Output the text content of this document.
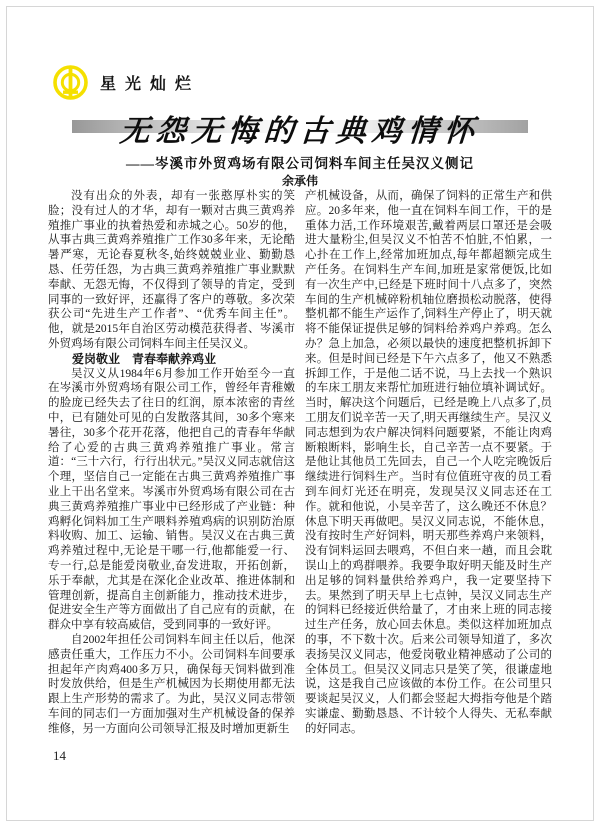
星光灿烂
无怨无悔的古典鸡情怀
——岑溪市外贸鸡场有限公司饲料车间主任吴汉义侧记
余承伟

没有出众的外表，却有一张憨厚朴实的笑脸；没有过人的才华，却有一颗对古典三黄鸡养殖推广事业的执着热爱和赤城之心。50岁的他，从事古典三黄鸡养殖推广工作30多年来，无论酷暑严寒，无论春夏秋冬,始终兢兢业业、勤勤恳恳、任劳任怨，为古典三黄鸡养殖推广事业默默奉献、无怨无悔，不仅得到了领导的肯定，受到同事的一致好评，还赢得了客户的尊敬。多次荣获公司“先进生产工作者”、“优秀车间主任”。他，就是2015年自治区劳动模范获得者、岑溪市外贸鸡场有限公司饲料车间主任吴汉义。

爱岗敬业　青春奉献养鸡业

吴汉义从1984年6月参加工作开始至今一直在岑溪市外贸鸡场有限公司工作，曾经年青稚嫩的脸庞已经失去了往日的红润，原本浓密的青丝中，已有随处可见的白发散落其间，30多个寒来暑往，30多个花开花落，他把自己的青春年华献给了心爱的古典三黄鸡养殖推广事业。常言道：“三十六行，行行出状元。”吴汉义同志就信这个理，坚信自己一定能在古典三黄鸡养殖推广事业上干出名堂来。岑溪市外贸鸡场有限公司在古典三黄鸡养殖推广事业中已经形成了产业链：种鸡孵化饲料加工生产喂料养殖鸡病的识别防治原料收购、加工、运输、销售。吴汉义在古典三黄鸡养殖过程中,无论是干哪一行,他都能爱一行、专一行,总是能爱岗敬业,奋发进取，开拓创新，乐于奉献，尤其是在深化企业改革、推进体制和管理创新，提高自主创新能力，推动技术进步，促进安全生产等方面做出了自己应有的贡献，在群众中享有较高威信，受到同事的一致好评。

自2002年担任公司饲料车间主任以后，他深感责任重大，工作压力不小。公司饲料车间要承担起年产肉鸡400多万只，确保每天饲料做到准时发放供给，但是生产机械因为长期使用都无法跟上生产形势的需求了。为此，吴汉义同志带领车间的同志们一方面加强对生产机械设备的保养维修，另一方面向公司领导汇报及时增加更新生

产机械设备，从而，确保了饲料的正常生产和供应。20多年来，他一直在饲料车间工作，干的是重体力活,工作环境艰苦,戴着两层口罩还是会吸进大量粉尘,但吴汉义不怕苦不怕脏,不怕累，一心扑在工作上,经常加班加点,每年都超额完成生产任务。在饲料生产车间,加班是家常便饭,比如有一次生产中,已经是下班时间十八点多了，突然车间的生产机械碎粉机轴位磨损松动脱落，使得整机都不能生产运作了,饲料生产停止了，明天就将不能保证提供足够的饲料给养鸡户养鸡。怎么办？急上加急，必须以最快的速度把整机拆卸下来。但是时间已经是下午六点多了，他又不熟悉拆卸工作，于是他二话不说，马上去找一个熟识的车床工朋友来帮忙加班进行轴位填补调试好。当时，解决这个问题后，已经是晚上八点多了,员工朋友们说辛苦一天了,明天再继续生产。吴汉义同志想到为农户解决饲料问题要紧，不能让肉鸡断粮断料，影响生长，自己辛苦一点不要紧。于是他让其他员工先回去，自己一个人吃完晚饭后继续进行饲料生产。当时有位值班守夜的员工看到车间灯光还在明亮，发现吴汉义同志还在工作。就和他说，小吴辛苦了，这么晚还不休息？休息下明天再做吧。吴汉义同志说，不能休息，没有按时生产好饲料，明天那些养鸡户来领料，没有饲料运回去喂鸡，不但白来一趟，而且会耽误山上的鸡群喂养。我要争取好明天能及时生产出足够的饲料量供给养鸡户，我一定要坚持下去。果然到了明天早上七点钟，吴汉义同志生产的饲料已经接近供给量了，才由来上班的同志接过生产任务，放心回去休息。类似这样加班加点的事，不下数十次。后来公司领导知道了，多次表扬吴汉义同志，他爱岗敬业精神感动了公司的全体员工。但吴汉义同志只是笑了笑，很谦虚地说，这是我自己应该做的本份工作。在公司里只要谈起吴汉义，人们都会竖起大拇指夸他是个踏实谦虚、勤勤恳恳、不计较个人得失、无私奉献的好同志。

14
